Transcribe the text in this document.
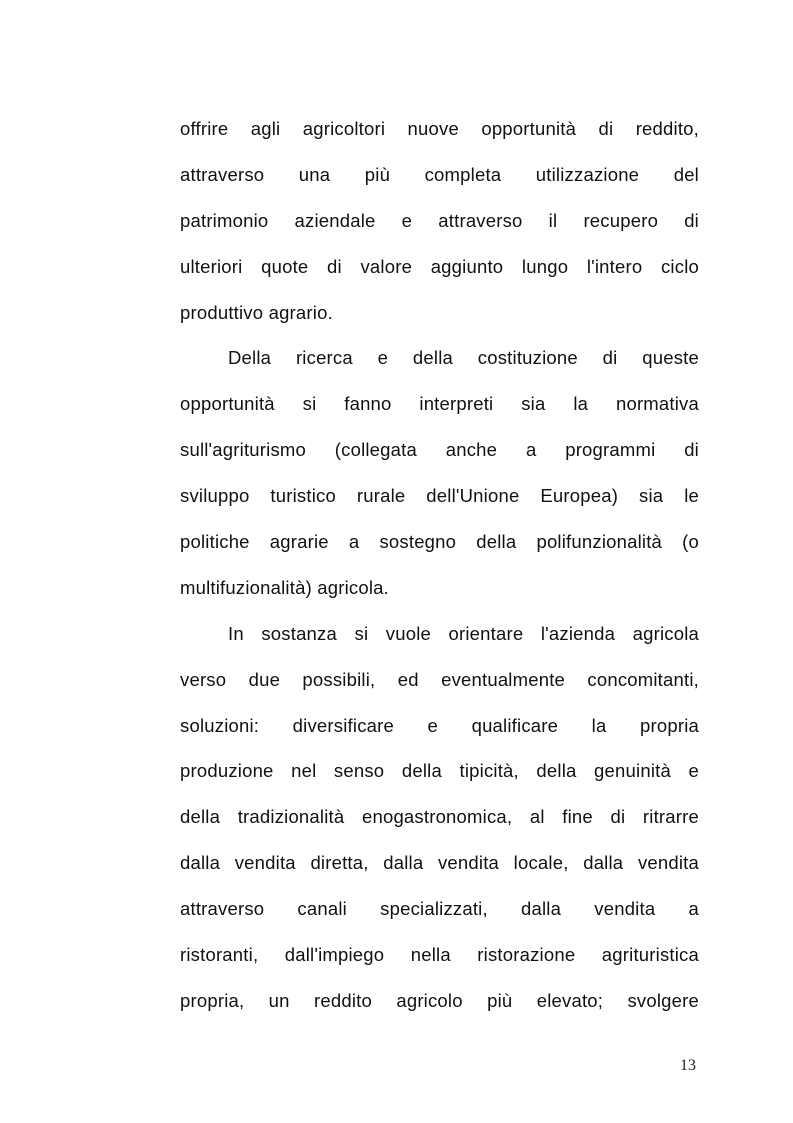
offrire agli agricoltori nuove opportunità di reddito,
attraverso una più completa utilizzazione del
patrimonio aziendale e attraverso il recupero di
ulteriori quote di valore aggiunto lungo l'intero ciclo
produttivo agrario.
Della ricerca e della costituzione di queste
opportunità si fanno interpreti sia la normativa
sull'agriturismo (collegata anche a programmi di
sviluppo turistico rurale dell'Unione Europea) sia le
politiche agrarie a sostegno della polifunzionalità (o
multifuzionalità) agricola.
In sostanza si vuole orientare l'azienda agricola
verso due possibili, ed eventualmente concomitanti,
soluzioni: diversificare e qualificare la propria
produzione nel senso della tipicità, della genuinità e
della tradizionalità enogastronomica, al fine di ritrarre
dalla vendita diretta, dalla vendita locale, dalla vendita
attraverso canali specializzati, dalla vendita a
ristoranti, dall'impiego nella ristorazione agrituristica
propria, un reddito agricolo più elevato; svolgere
13
